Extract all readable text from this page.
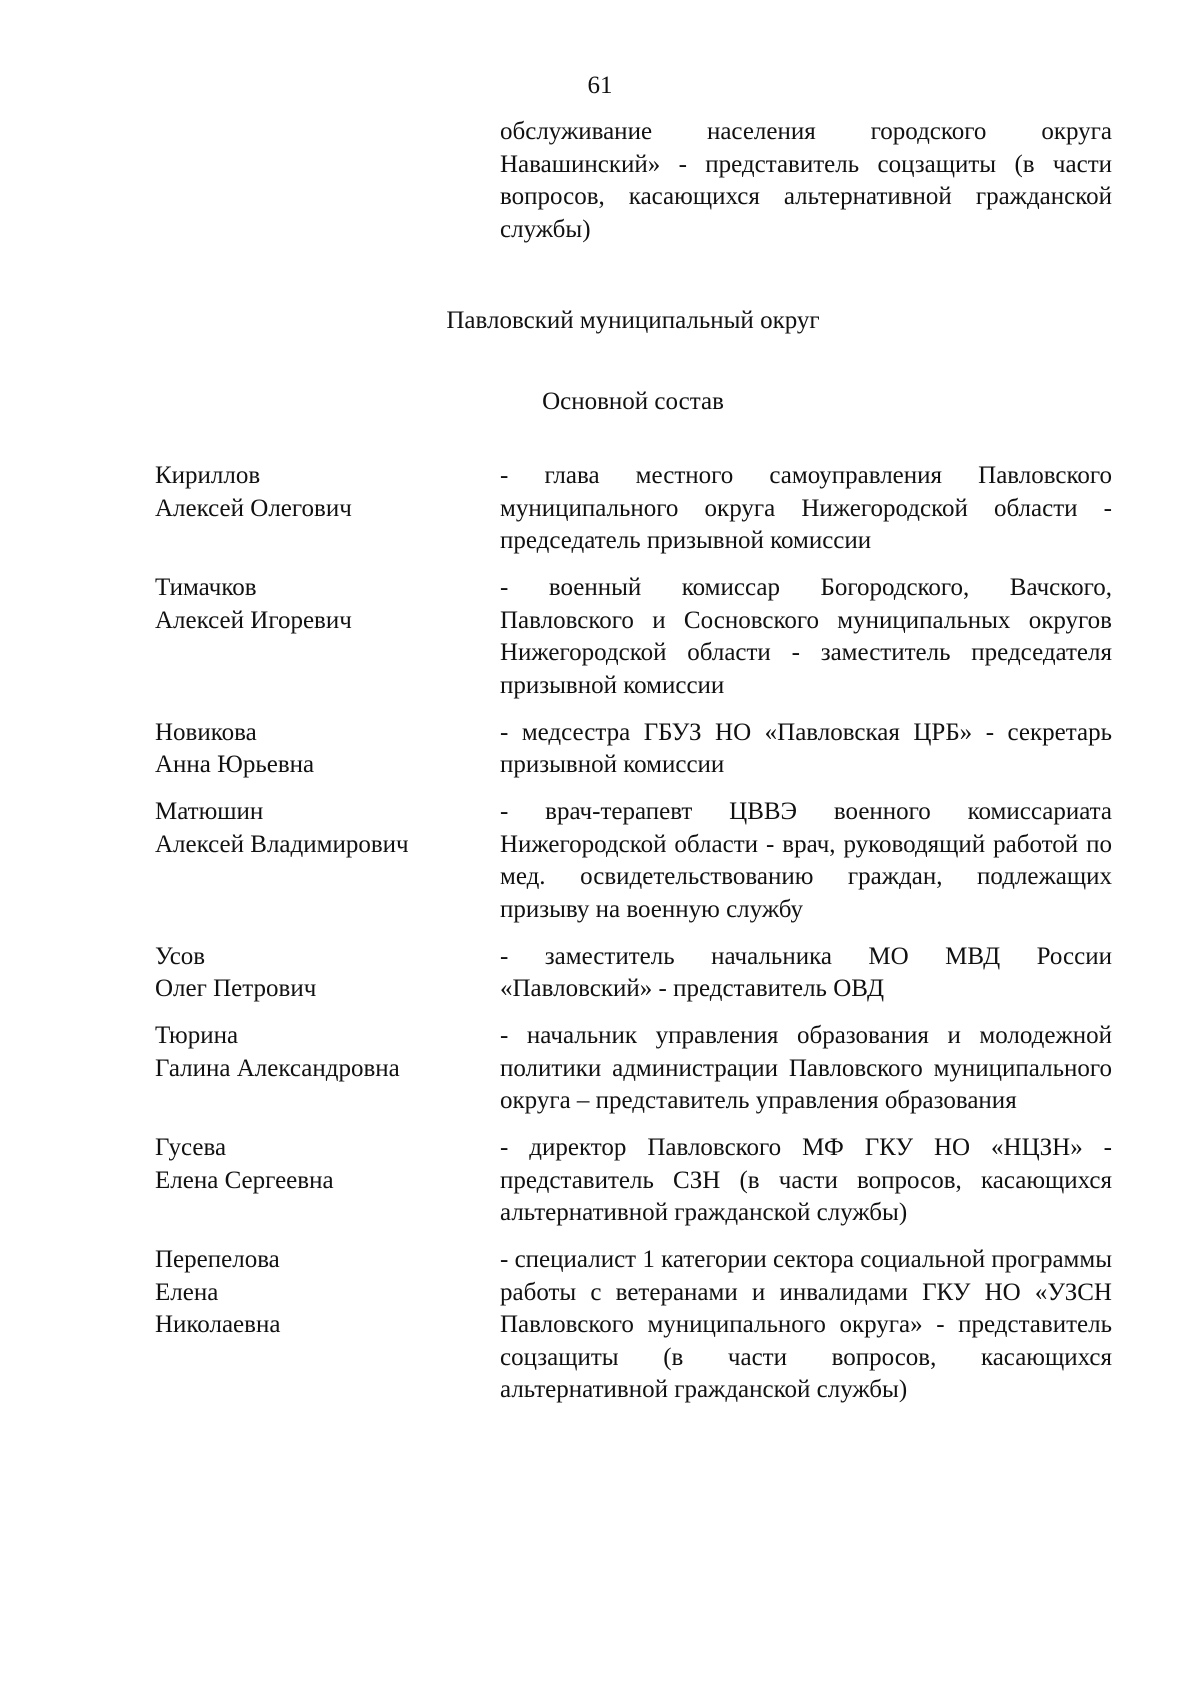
61
обслуживание населения городского округа Навашинский» - представитель соцзащиты (в части вопросов, касающихся альтернативной гражданской службы)
Павловский муниципальный округ
Основной состав
Кириллов
Алексей Олегович
- глава местного самоуправления Павловского муниципального округа Нижегородской области - председатель призывной комиссии
Тимачков
Алексей Игоревич
- военный комиссар Богородского, Вачского, Павловского и Сосновского муниципальных округов Нижегородской области - заместитель председателя призывной комиссии
Новикова
Анна Юрьевна
- медсестра ГБУЗ НО «Павловская ЦРБ» - секретарь призывной комиссии
Матюшин
Алексей Владимирович
- врач-терапевт ЦВВЭ военного комиссариата Нижегородской области - врач, руководящий работой по мед. освидетельствованию граждан, подлежащих призыву на военную службу
Усов
Олег Петрович
- заместитель начальника МО МВД России «Павловский» - представитель ОВД
Тюрина
Галина Александровна
- начальник управления образования и молодежной политики администрации Павловского муниципального округа – представитель управления образования
Гусева
Елена Сергеевна
- директор Павловского МФ ГКУ НО «НЦЗН» - представитель СЗН (в части вопросов, касающихся альтернативной гражданской службы)
Перепелова
Елена
Николаевна
- специалист 1 категории сектора социальной программы работы с ветеранами и инвалидами ГКУ НО «УЗСН Павловского муниципального округа» - представитель соцзащиты (в части вопросов, касающихся альтернативной гражданской службы)
